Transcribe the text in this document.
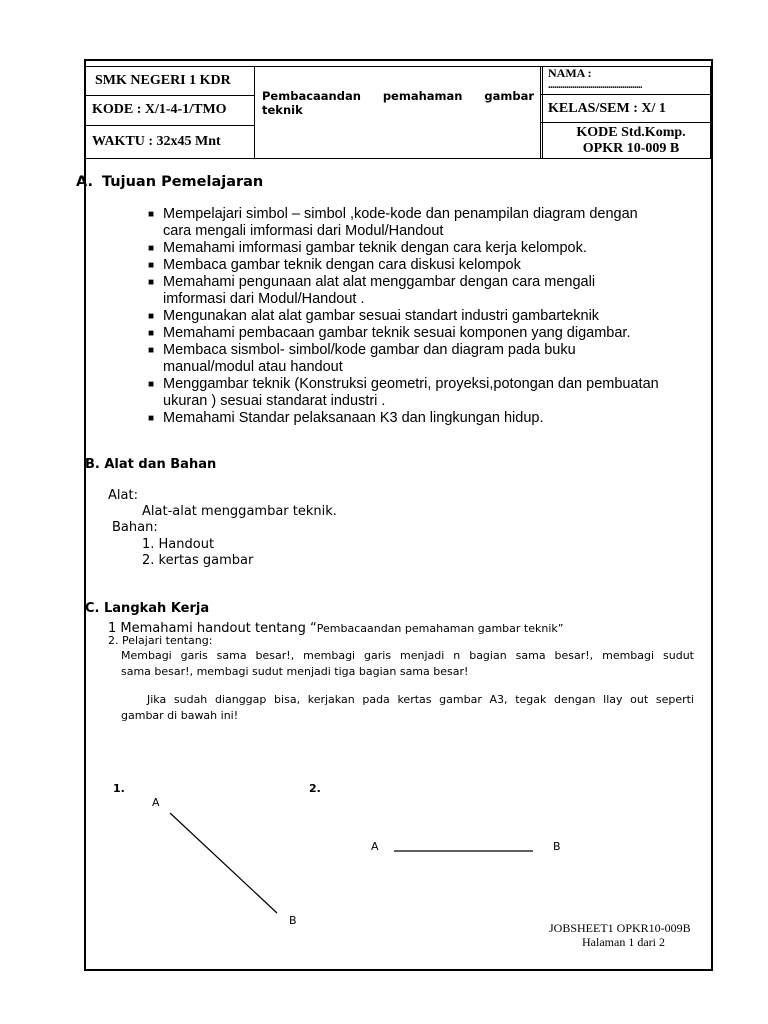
SMK NEGERI 1 KDR
KODE : X/1-4-1/TMO
WAKTU : 32x45 Mnt
Pembacaandan pemahaman gambar
teknik
NAMA :
...............................................
KELAS/SEM : X/ 1
KODE Std.Komp.
OPKR 10-009 B
A. Tujuan Pemelajaran
■ Mempelajari simbol – simbol ,kode-kode dan penampilan diagram dengan
cara mengali imformasi dari Modul/Handout
■ Memahami imformasi gambar teknik dengan cara kerja kelompok.
■ Membaca gambar teknik dengan cara diskusi kelompok
■ Memahami pengunaan alat alat menggambar dengan cara mengali
imformasi dari Modul/Handout .
■ Mengunakan alat alat gambar sesuai standart industri gambarteknik
■ Memahami pembacaan gambar teknik sesuai komponen yang digambar.
■ Membaca sismbol- simbol/kode gambar dan diagram pada buku
manual/modul atau handout
■ Menggambar teknik (Konstruksi geometri, proyeksi,potongan dan pembuatan
ukuran ) sesuai standarat industri .
■ Memahami Standar pelaksanaan K3 dan lingkungan hidup.
B. Alat dan Bahan
Alat:
Alat-alat menggambar teknik.
Bahan:
1. Handout
2. kertas gambar
C. Langkah Kerja
1 Memahami handout tentang “Pembacaandan pemahaman gambar teknik”
2. Pelajari tentang:
Membagi garis sama besar!, membagi garis menjadi n bagian sama besar!, membagi sudut
sama besar!, membagi sudut menjadi tiga bagian sama besar!
Jika sudah dianggap bisa, kerjakan pada kertas gambar A3, tegak dengan llay out seperti
gambar di bawah ini!
1.
A
B
2.
A	B
JOBSHEET1 OPKR10-009B
Halaman 1 dari 2
